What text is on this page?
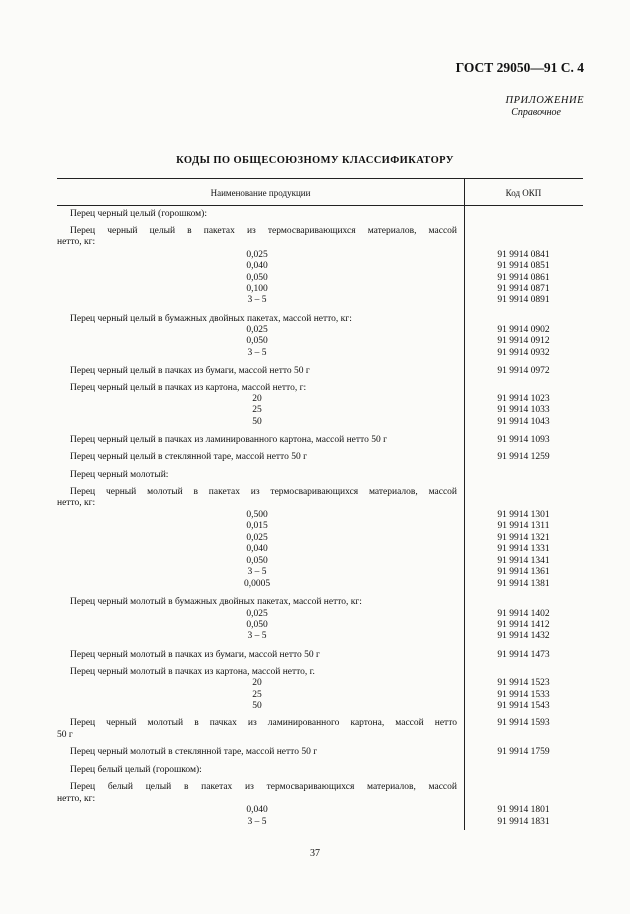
ГОСТ 29050—91 С. 4
ПРИЛОЖЕНИЕ
Справочное
КОДЫ ПО ОБЩЕСОЮЗНОМУ КЛАССИФИКАТОРУ
Наименование продукции	Код ОКП
Перец черный целый (горошком):
Перец черный целый в пакетах из термосваривающихся материалов, массой
нетто, кг:
0,025	91 9914 0841
0,040	91 9914 0851
0,050	91 9914 0861
0,100	91 9914 0871
3 – 5	91 9914 0891
Перец черный целый в бумажных двойных пакетах, массой нетто, кг:
0,025	91 9914 0902
0,050	91 9914 0912
3 – 5	91 9914 0932
Перец черный целый в пачках из бумаги, массой нетто 50 г	91 9914 0972
Перец черный целый в пачках из картона, массой нетто, г:
20	91 9914 1023
25	91 9914 1033
50	91 9914 1043
Перец черный целый в пачках из ламинированного картона, массой нетто 50 г	91 9914 1093
Перец черный целый в стеклянной таре, массой нетто 50 г	91 9914 1259
Перец черный молотый:
Перец черный молотый в пакетах из термосваривающихся материалов, массой
нетто, кг:
0,500	91 9914 1301
0,015	91 9914 1311
0,025	91 9914 1321
0,040	91 9914 1331
0,050	91 9914 1341
3 – 5	91 9914 1361
0,0005	91 9914 1381
Перец черный молотый в бумажных двойных пакетах, массой нетто, кг:
0,025	91 9914 1402
0,050	91 9914 1412
3 – 5	91 9914 1432
Перец черный молотый в пачках из бумаги, массой нетто 50 г	91 9914 1473
Перец черный молотый в пачках из картона, массой нетто, г.
20	91 9914 1523
25	91 9914 1533
50	91 9914 1543
Перец черный молотый в пачках из ламинированного картона, массой нетто	91 9914 1593
50 г
Перец черный молотый в стеклянной таре, массой нетто 50 г	91 9914 1759
Перец белый целый (горошком):
Перец белый целый в пакетах из термосваривающихся материалов, массой
нетто, кг:
0,040	91 9914 1801
3 – 5	91 9914 1831
37
